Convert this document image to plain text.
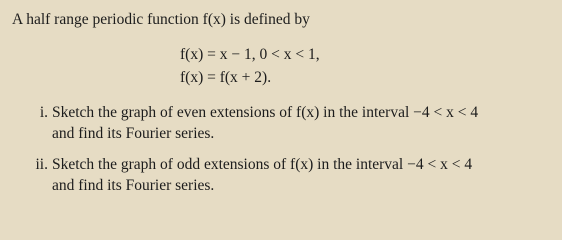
A half range periodic function f(x) is defined by
f(x) = x − 1, 0 < x < 1,
f(x) = f(x + 2).
i. Sketch the graph of even extensions of f(x) in the interval −4 < x < 4
and find its Fourier series.
ii. Sketch the graph of odd extensions of f(x) in the interval −4 < x < 4
and find its Fourier series.
